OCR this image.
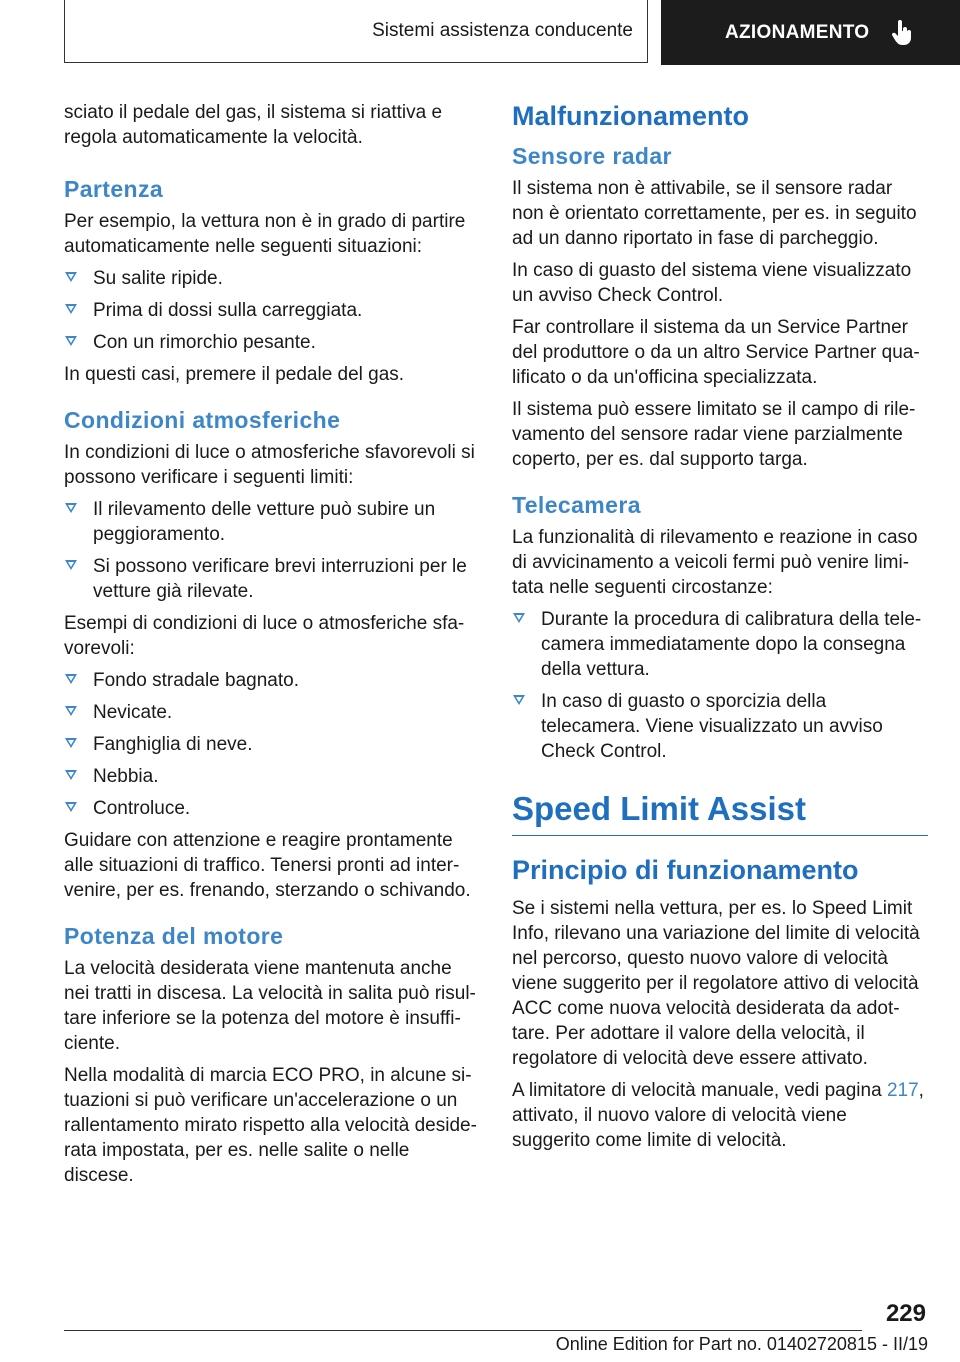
Sistemi assistenza conducente	AZIONAMENTO

sciato il pedale del gas, il sistema si riattiva e regola automaticamente la velocità.

Partenza

Per esempio, la vettura non è in grado di partire automaticamente nelle seguenti situazioni:

Su salite ripide.
Prima di dossi sulla carreggiata.
Con un rimorchio pesante.

In questi casi, premere il pedale del gas.

Condizioni atmosferiche

In condizioni di luce o atmosferiche sfavorevoli si possono verificare i seguenti limiti:

Il rilevamento delle vetture può subire un peggioramento.
Si possono verificare brevi interruzioni per le vetture già rilevate.

Esempi di condizioni di luce o atmosferiche sfavorevoli:

Fondo stradale bagnato.
Nevicate.
Fanghiglia di neve.
Nebbia.
Controluce.

Guidare con attenzione e reagire prontamente alle situazioni di traffico. Tenersi pronti ad intervenire, per es. frenando, sterzando o schivando.

Potenza del motore

La velocità desiderata viene mantenuta anche nei tratti in discesa. La velocità in salita può risultare inferiore se la potenza del motore è insufficiente.

Nella modalità di marcia ECO PRO, in alcune situazioni si può verificare un'accelerazione o un rallentamento mirato rispetto alla velocità desiderata impostata, per es. nelle salite o nelle discese.

Malfunzionamento
Sensore radar

Il sistema non è attivabile, se il sensore radar non è orientato correttamente, per es. in seguito ad un danno riportato in fase di parcheggio.

In caso di guasto del sistema viene visualizzato un avviso Check Control.

Far controllare il sistema da un Service Partner del produttore o da un altro Service Partner qualificato o da un'officina specializzata.

Il sistema può essere limitato se il campo di rilevamento del sensore radar viene parzialmente coperto, per es. dal supporto targa.

Telecamera

La funzionalità di rilevamento e reazione in caso di avvicinamento a veicoli fermi può venire limitata nelle seguenti circostanze:

Durante la procedura di calibratura della telecamera immediatamente dopo la consegna della vettura.
In caso di guasto o sporcizia della telecamera. Viene visualizzato un avviso Check Control.
Speed Limit Assist
Principio di funzionamento

Se i sistemi nella vettura, per es. lo Speed Limit Info, rilevano una variazione del limite di velocità nel percorso, questo nuovo valore di velocità viene suggerito per il regolatore attivo di velocità ACC come nuova velocità desiderata da adottare. Per adottare il valore della velocità, il regolatore di velocità deve essere attivato.

A limitatore di velocità manuale, vedi pagina 217, attivato, il nuovo valore di velocità viene suggerito come limite di velocità.

229
Online Edition for Part no. 01402720815 - II/19
